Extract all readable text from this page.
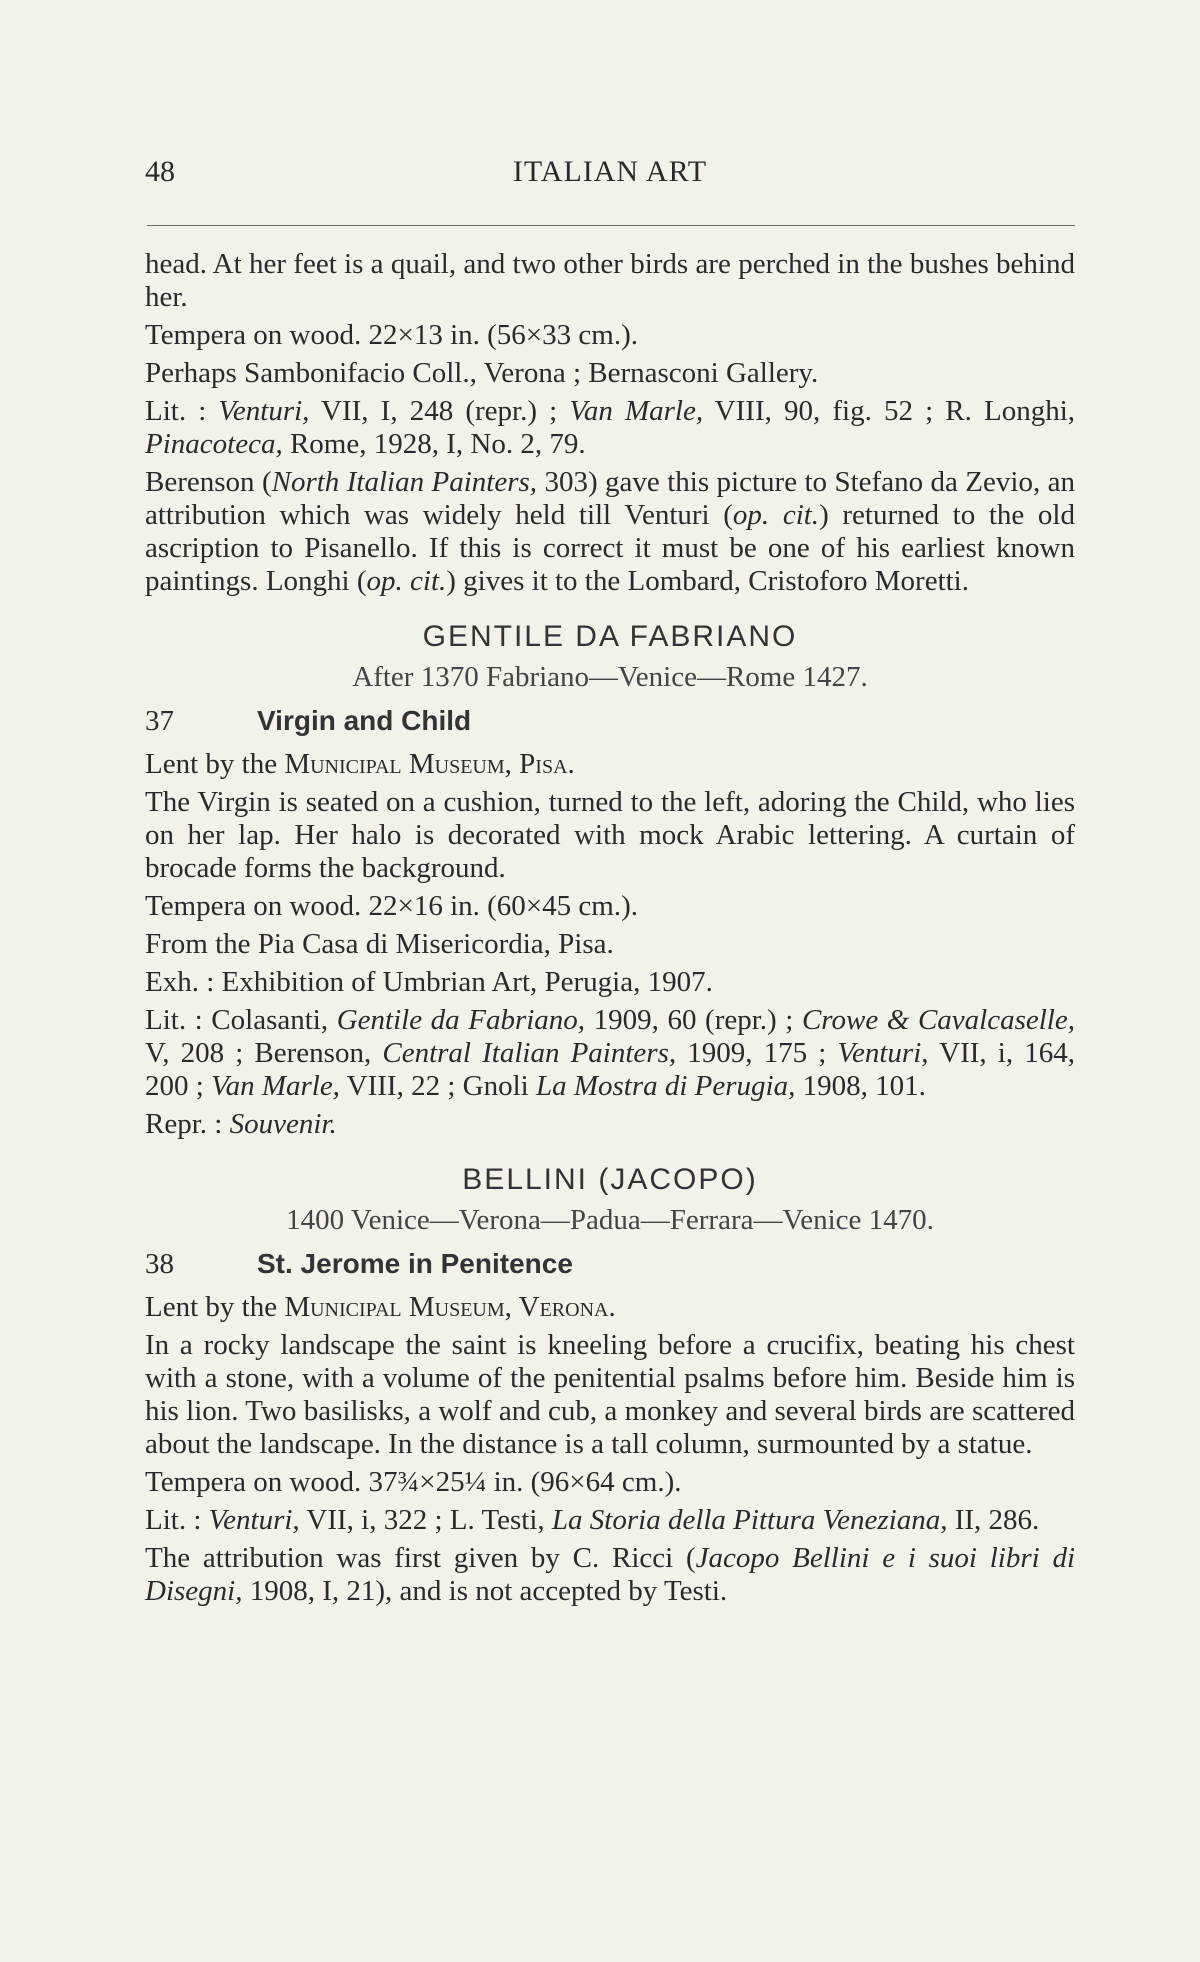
48	ITALIAN ART

head. At her feet is a quail, and two other birds are perched in the bushes behind her.

Tempera on wood. 22×13 in. (56×33 cm.).

Perhaps Sambonifacio Coll., Verona ; Bernasconi Gallery.

Lit. : Venturi, VII, I, 248 (repr.) ; Van Marle, VIII, 90, fig. 52 ; R. Longhi, Pinacoteca, Rome, 1928, I, No. 2, 79.

Berenson (North Italian Painters, 303) gave this picture to Stefano da Zevio, an attribution which was widely held till Venturi (op. cit.) returned to the old ascription to Pisanello. If this is correct it must be one of his earliest known paintings. Longhi (op. cit.) gives it to the Lombard, Cristoforo Moretti.

GENTILE DA FABRIANO
After 1370 Fabriano—Venice—Rome 1427.
37	Virgin and Child

Lent by the Municipal Museum, Pisa.

The Virgin is seated on a cushion, turned to the left, adoring the Child, who lies on her lap. Her halo is decorated with mock Arabic lettering. A curtain of brocade forms the background.

Tempera on wood. 22×16 in. (60×45 cm.).

From the Pia Casa di Misericordia, Pisa.

Exh. : Exhibition of Umbrian Art, Perugia, 1907.

Lit. : Colasanti, Gentile da Fabriano, 1909, 60 (repr.) ; Crowe & Cavalcaselle, V, 208 ; Berenson, Central Italian Painters, 1909, 175 ; Venturi, VII, i, 164, 200 ; Van Marle, VIII, 22 ; Gnoli La Mostra di Perugia, 1908, 101.

Repr. : Souvenir.

BELLINI (JACOPO)
1400 Venice—Verona—Padua—Ferrara—Venice 1470.
38	St. Jerome in Penitence

Lent by the Municipal Museum, Verona.

In a rocky landscape the saint is kneeling before a crucifix, beating his chest with a stone, with a volume of the penitential psalms before him. Beside him is his lion. Two basilisks, a wolf and cub, a monkey and several birds are scattered about the landscape. In the distance is a tall column, surmounted by a statue.

Tempera on wood. 37¾×25¼ in. (96×64 cm.).

Lit. : Venturi, VII, i, 322 ; L. Testi, La Storia della Pittura Veneziana, II, 286.

The attribution was first given by C. Ricci (Jacopo Bellini e i suoi libri di Disegni, 1908, I, 21), and is not accepted by Testi.
